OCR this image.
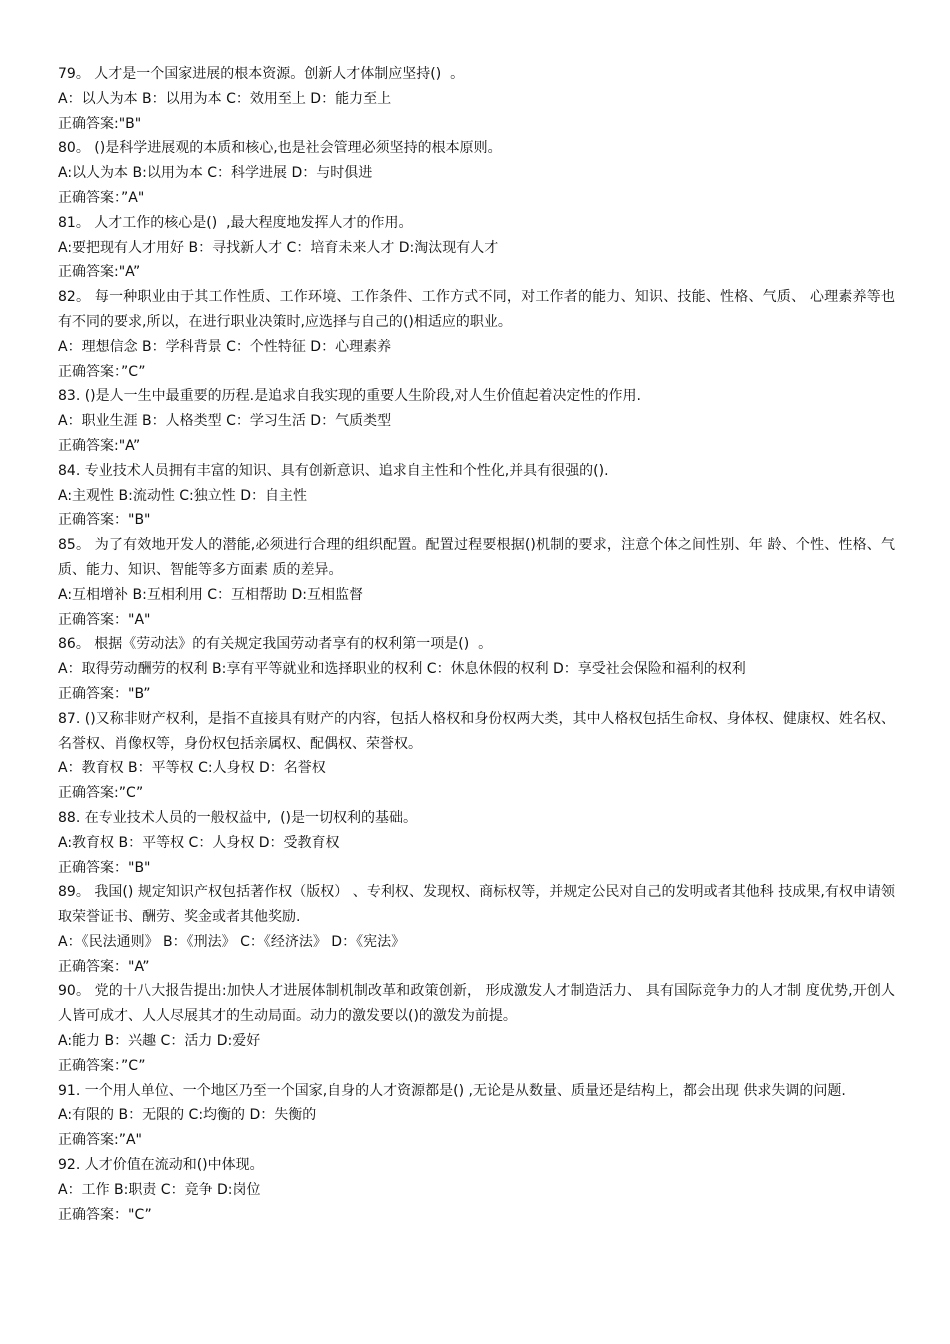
79。 人才是一个国家进展的根本资源。创新人才体制应坚持()  。
A：以人为本 B：以用为本 C：效用至上 D：能力至上
正确答案:"B"
80。 ()是科学进展观的本质和核心,也是社会管理必须坚持的根本原则。
A:以人为本 B:以用为本 C：科学进展 D：与时俱进
正确答案：”A"
81。 人才工作的核心是()  ,最大程度地发挥人才的作用。
A:要把现有人才用好 B：寻找新人才 C：培育未来人才 D:淘汰现有人才
正确答案:"A”
82。 每一种职业由于其工作性质、工作环境、工作条件、工作方式不同，对工作者的能力、知识、技能、性格、气质、 心理素养等也有不同的要求,所以，在进行职业决策时,应选择与自己的()相适应的职业。
A：理想信念 B：学科背景 C：个性特征 D：心理素养
正确答案：”C”
83. ()是人一生中最重要的历程.是追求自我实现的重要人生阶段,对人生价值起着决定性的作用.
A：职业生涯 B：人格类型 C：学习生活 D：气质类型
正确答案:"A”
84. 专业技术人员拥有丰富的知识、具有创新意识、追求自主性和个性化,并具有很强的().
A:主观性 B:流动性 C:独立性 D：自主性
正确答案："B"
85。 为了有效地开发人的潜能,必须进行合理的组织配置。配置过程要根据()机制的要求，注意个体之间性别、年 龄、个性、性格、气质、能力、知识、智能等多方面素 质的差异。
A:互相增补 B:互相利用 C：互相帮助 D:互相监督
正确答案："A"
86。 根据《劳动法》的有关规定我国劳动者享有的权利第一项是()  。
A：取得劳动酬劳的权利 B:享有平等就业和选择职业的权利 C：休息休假的权利 D：享受社会保险和福利的权利
正确答案："B”
87. ()又称非财产权利，是指不直接具有财产的内容，包括人格权和身份权两大类，其中人格权包括生命权、身体权、健康权、姓名权、名誉权、肖像权等，身份权包括亲属权、配偶权、荣誉权。
A：教育权 B：平等权 C:人身权 D：名誉权
正确答案:”C”
88. 在专业技术人员的一般权益中,  ()是一切权利的基础。
A:教育权 B：平等权 C：人身权 D：受教育权
正确答案："B"
89。 我国() 规定知识产权包括著作权（版权） 、专利权、发现权、商标权等，并规定公民对自己的发明或者其他科 技成果,有权申请领取荣誉证书、酬劳、奖金或者其他奖励.
A：《民法通则》 B：《刑法》 C：《经济法》 D：《宪法》
正确答案："A”
90。 党的十八大报告提出:加快人才进展体制机制改革和政策创新， 形成激发人才制造活力、 具有国际竞争力的人才制 度优势,开创人人皆可成才、人人尽展其才的生动局面。动力的激发要以()的激发为前提。
A:能力 B：兴趣 C：活力 D:爱好
正确答案：”C”
91. 一个用人单位、一个地区乃至一个国家,自身的人才资源都是() ,无论是从数量、质量还是结构上，都会出现 供求失调的问题.
A:有限的 B：无限的 C:均衡的 D：失衡的
正确答案:”A"
92. 人才价值在流动和()中体现。
A：工作 B:职责 C：竞争 D:岗位
正确答案："C”
